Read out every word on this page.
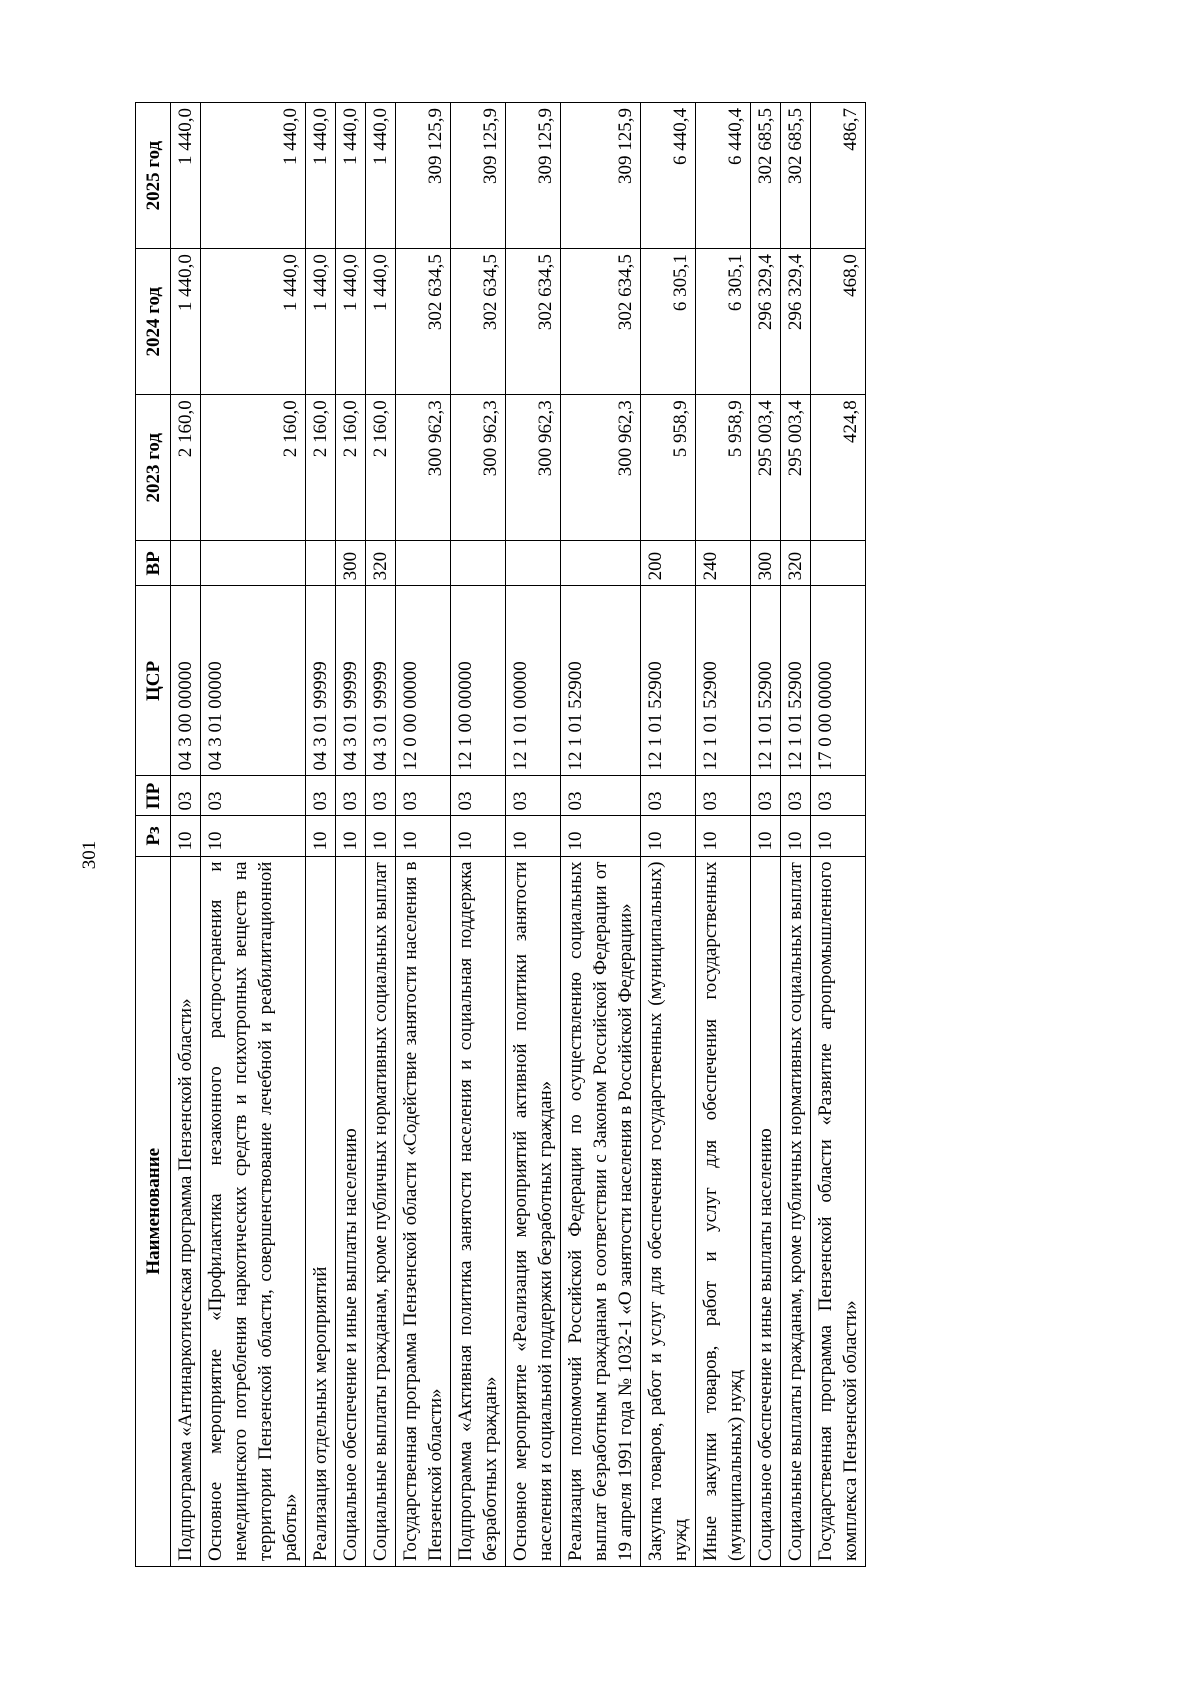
301
Наименование	Рз	ПР	ЦСР	ВР	2023 год	2024 год	2025 год
Подпрограмма «Антинаркотическая программа Пензенской области»	10	03	04 3 00 00000		2 160,0	1 440,0	1 440,0
Основное мероприятие «Профилактика незаконного распространения и немедицинского потребления наркотических средств и психотропных веществ на территории Пензенской области, совершенствование лечебной и реабилитационной работы»	10	03	04 3 01 00000		2 160,0	1 440,0	1 440,0
Реализация отдельных мероприятий	10	03	04 3 01 99999		2 160,0	1 440,0	1 440,0
Социальное обеспечение и иные выплаты населению	10	03	04 3 01 99999	300	2 160,0	1 440,0	1 440,0
Социальные выплаты гражданам, кроме публичных нормативных социальных выплат	10	03	04 3 01 99999	320	2 160,0	1 440,0	1 440,0
Государственная программа Пензенской области «Содействие занятости населения в Пензенской области»	10	03	12 0 00 00000		300 962,3	302 634,5	309 125,9
Подпрограмма «Активная политика занятости населения и социальная поддержка безработных граждан»	10	03	12 1 00 00000		300 962,3	302 634,5	309 125,9
Основное мероприятие «Реализация мероприятий активной политики занятости населения и социальной поддержки безработных граждан»	10	03	12 1 01 00000		300 962,3	302 634,5	309 125,9
Реализация полномочий Российской Федерации по осуществлению социальных выплат безработным гражданам в соответствии с Законом Российской Федерации от 19 апреля 1991 года № 1032-1 «О занятости населения в Российской Федерации»	10	03	12 1 01 52900		300 962,3	302 634,5	309 125,9
Закупка товаров, работ и услуг для обеспечения государственных (муниципальных) нужд	10	03	12 1 01 52900	200	5 958,9	6 305,1	6 440,4
Иные закупки товаров, работ и услуг для обеспечения государственных (муниципальных) нужд	10	03	12 1 01 52900	240	5 958,9	6 305,1	6 440,4
Социальное обеспечение и иные выплаты населению	10	03	12 1 01 52900	300	295 003,4	296 329,4	302 685,5
Социальные выплаты гражданам, кроме публичных нормативных социальных выплат	10	03	12 1 01 52900	320	295 003,4	296 329,4	302 685,5
Государственная программа Пензенской области «Развитие агропромышленного комплекса Пензенской области»	10	03	17 0 00 00000		424,8	468,0	486,7
